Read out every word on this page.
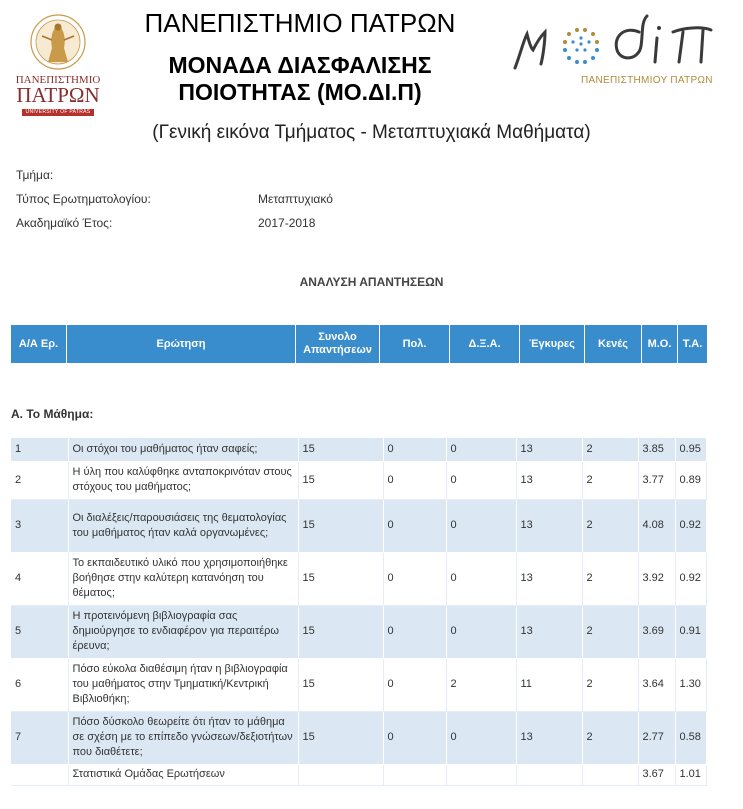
ΠΑΝΕΠΙΣΤΗΜΙΟ
ΠΑΤΡΩΝ
UNIVERSITY OF PATRAS
ΠΑΝΕΠΙΣΤΗΜΙΟ ΠΑΤΡΩΝ
ΜΟΝΑΔΑ ΔΙΑΣΦΑΛΙΣΗΣ
ΠΟΙΟΤΗΤΑΣ (ΜΟ.ΔΙ.Π)	ΠΑΝΕΠΙΣΤΗΜΙΟΥ ΠΑΤΡΩΝ
(Γενική εικόνα Τμήματος - Μεταπτυχιακά Μαθήματα)
Τμήμα:
Τύπος Ερωτηματολογίου:	Μεταπτυχιακό
Ακαδημαϊκό Έτος:	2017-2018
ΑΝΑΛΥΣΗ ΑΠΑΝΤΗΣΕΩΝ
Α/Α Ερ.	Ερώτηση	Συνολο Απαντήσεων	Πολ.	Δ.Ξ.Α.	Έγκυρες	Κενές	Μ.Ο.	Τ.Α.
Α. Το Μάθημα:
1	Οι στόχοι του μαθήματος ήταν σαφείς;	15	0	0	13	2	3.85	0.95
2	Η ύλη που καλύφθηκε ανταποκρινόταν στους στόχους του μαθήματος;	15	0	0	13	2	3.77	0.89
3	Οι διαλέξεις/παρουσιάσεις της θεματολογίας του μαθήματος ήταν καλά οργανωμένες;	15	0	0	13	2	4.08	0.92
4	Το εκπαιδευτικό υλικό που χρησιμοποιήθηκε βοήθησε στην καλύτερη κατανόηση του θέματος;	15	0	0	13	2	3.92	0.92
5	Η προτεινόμενη βιβλιογραφία σας δημιούργησε το ενδιαφέρον για περαιτέρω έρευνα;	15	0	0	13	2	3.69	0.91
6	Πόσο εύκολα διαθέσιμη ήταν η βιβλιογραφία του μαθήματος στην Τμηματική/Κεντρική Βιβλιοθήκη;	15	0	2	11	2	3.64	1.30
7	Πόσο δύσκολο θεωρείτε ότι ήταν το μάθημα σε σχέση με το επίπεδο γνώσεων/δεξιοτήτων που διαθέτετε;	15	0	0	13	2	2.77	0.58
	Στατιστικά Ομάδας Ερωτήσεων						3.67	1.01
